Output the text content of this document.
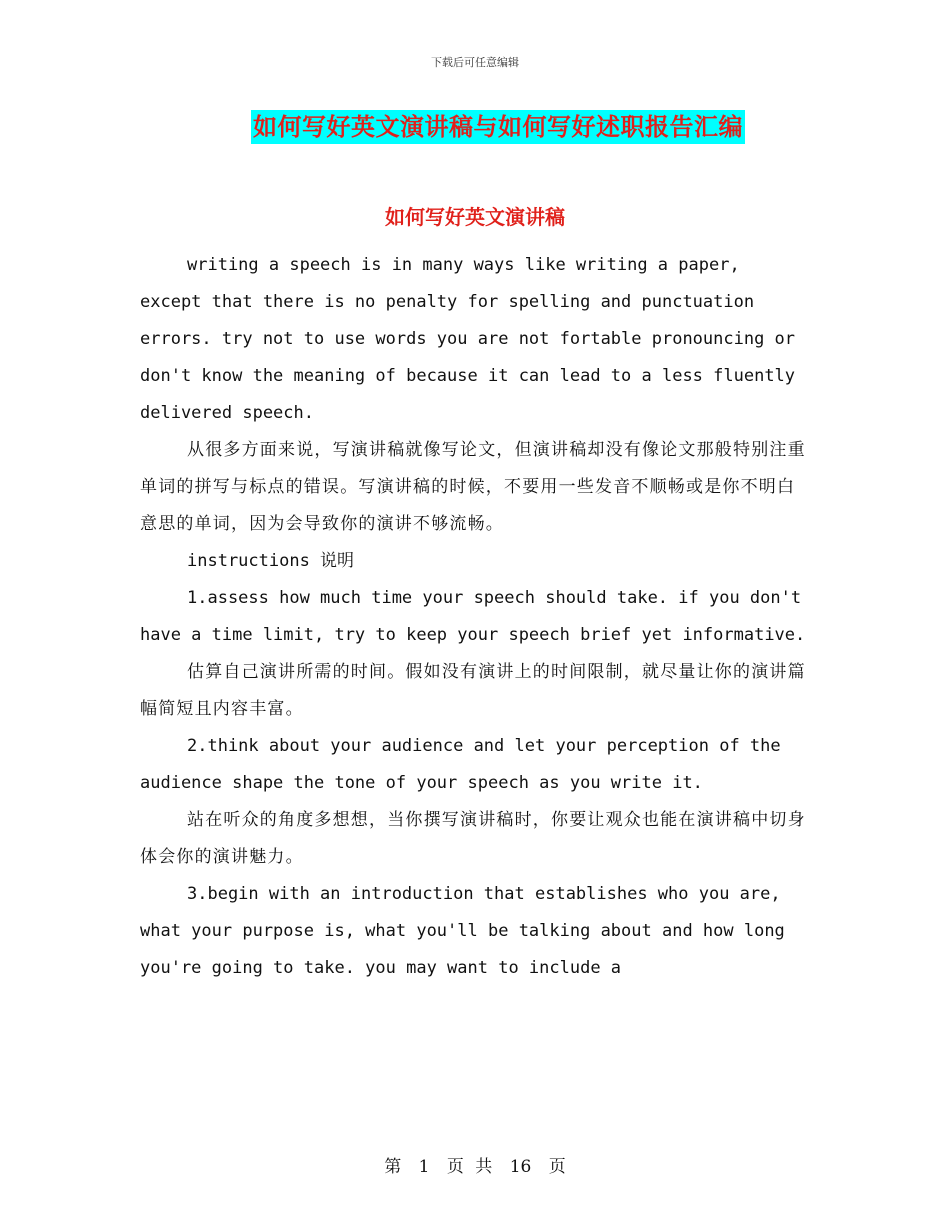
下载后可任意编辑
如何写好英文演讲稿与如何写好述职报告汇编
如何写好英文演讲稿

writing a speech is in many ways like writing a paper, except that there is no penalty for spelling and punctuation errors. try not to use words you are not fortable pronouncing or don't know the meaning of because it can lead to a less fluently delivered speech.

从很多方面来说，写演讲稿就像写论文，但演讲稿却没有像论文那般特别注重单词的拼写与标点的错误。写演讲稿的时候，不要用一些发音不顺畅或是你不明白意思的单词，因为会导致你的演讲不够流畅。

instructions 说明

1.assess how much time your speech should take. if you don't have a time limit, try to keep your speech brief yet informative.

估算自己演讲所需的时间。假如没有演讲上的时间限制，就尽量让你的演讲篇幅简短且内容丰富。

2.think about your audience and let your perception of the audience shape the tone of your speech as you write it.

站在听众的角度多想想，当你撰写演讲稿时，你要让观众也能在演讲稿中切身体会你的演讲魅力。

3.begin with an introduction that establishes who you are, what your purpose is, what you'll be talking about and how long you're going to take. you may want to include a

第 1 页 共 16 页
